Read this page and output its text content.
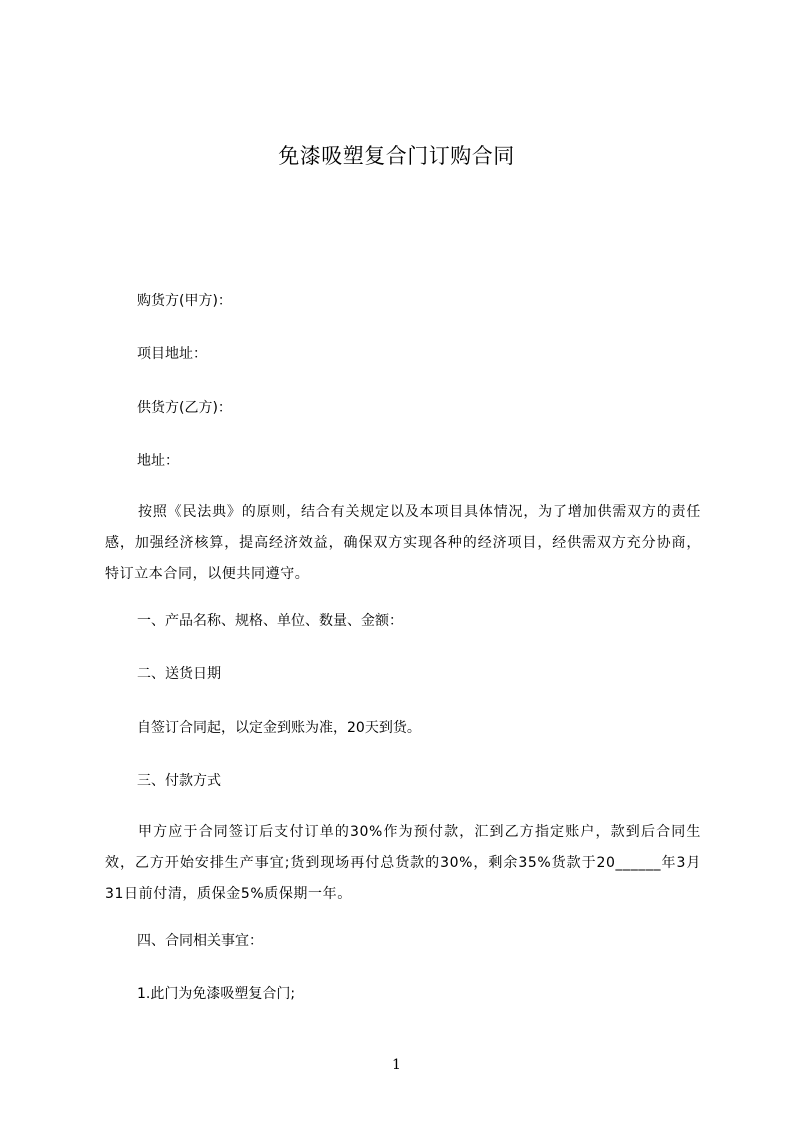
免漆吸塑复合门订购合同
购货方(甲方)：
项目地址：
供货方(乙方)：
地址：
按照《民法典》的原则，结合有关规定以及本项目具体情况，为了增加供需双方的责任感，加强经济核算，提高经济效益，确保双方实现各种的经济项目，经供需双方充分协商，特订立本合同，以便共同遵守。
一、产品名称、规格、单位、数量、金额：
二、送货日期
自签订合同起，以定金到账为准，20天到货。
三、付款方式
甲方应于合同签订后支付订单的30%作为预付款，汇到乙方指定账户，款到后合同生效，乙方开始安排生产事宜;货到现场再付总货款的30%，剩余35%货款于20______年3月31日前付清，质保金5%质保期一年。
四、合同相关事宜：
1.此门为免漆吸塑复合门;
1
